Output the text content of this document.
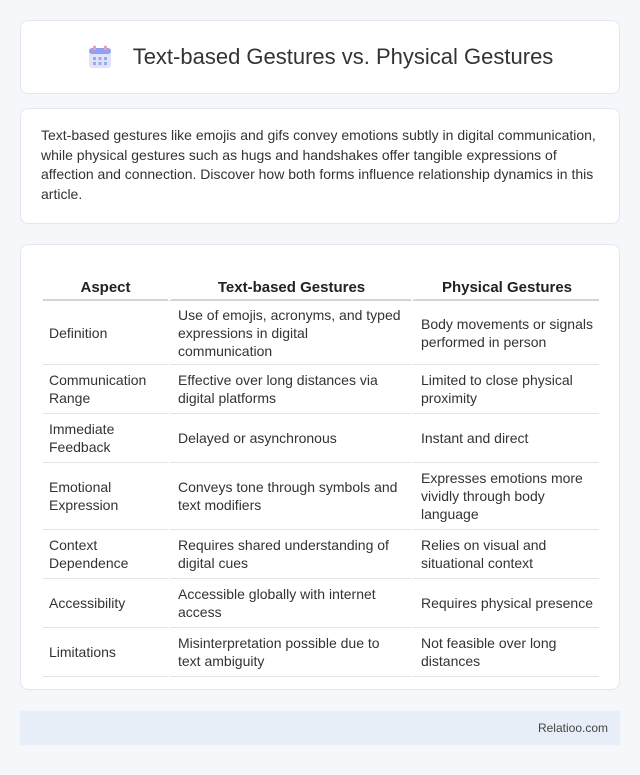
Text-based Gestures vs. Physical Gestures

Text-based gestures like emojis and gifs convey emotions subtly in digital communication, while physical gestures such as hugs and handshakes offer tangible expressions of affection and connection. Discover how both forms influence relationship dynamics in this article.

Aspect	Text-based Gestures	Physical Gestures
Definition	Use of emojis, acronyms, and typed expressions in digital communication	Body movements or signals performed in person
Communication Range	Effective over long distances via digital platforms	Limited to close physical proximity
Immediate Feedback	Delayed or asynchronous	Instant and direct
Emotional Expression	Conveys tone through symbols and text modifiers	Expresses emotions more vividly through body language
Context Dependence	Requires shared understanding of digital cues	Relies on visual and situational context
Accessibility	Accessible globally with internet access	Requires physical presence
Limitations	Misinterpretation possible due to text ambiguity	Not feasible over long distances
Relatioo.com
